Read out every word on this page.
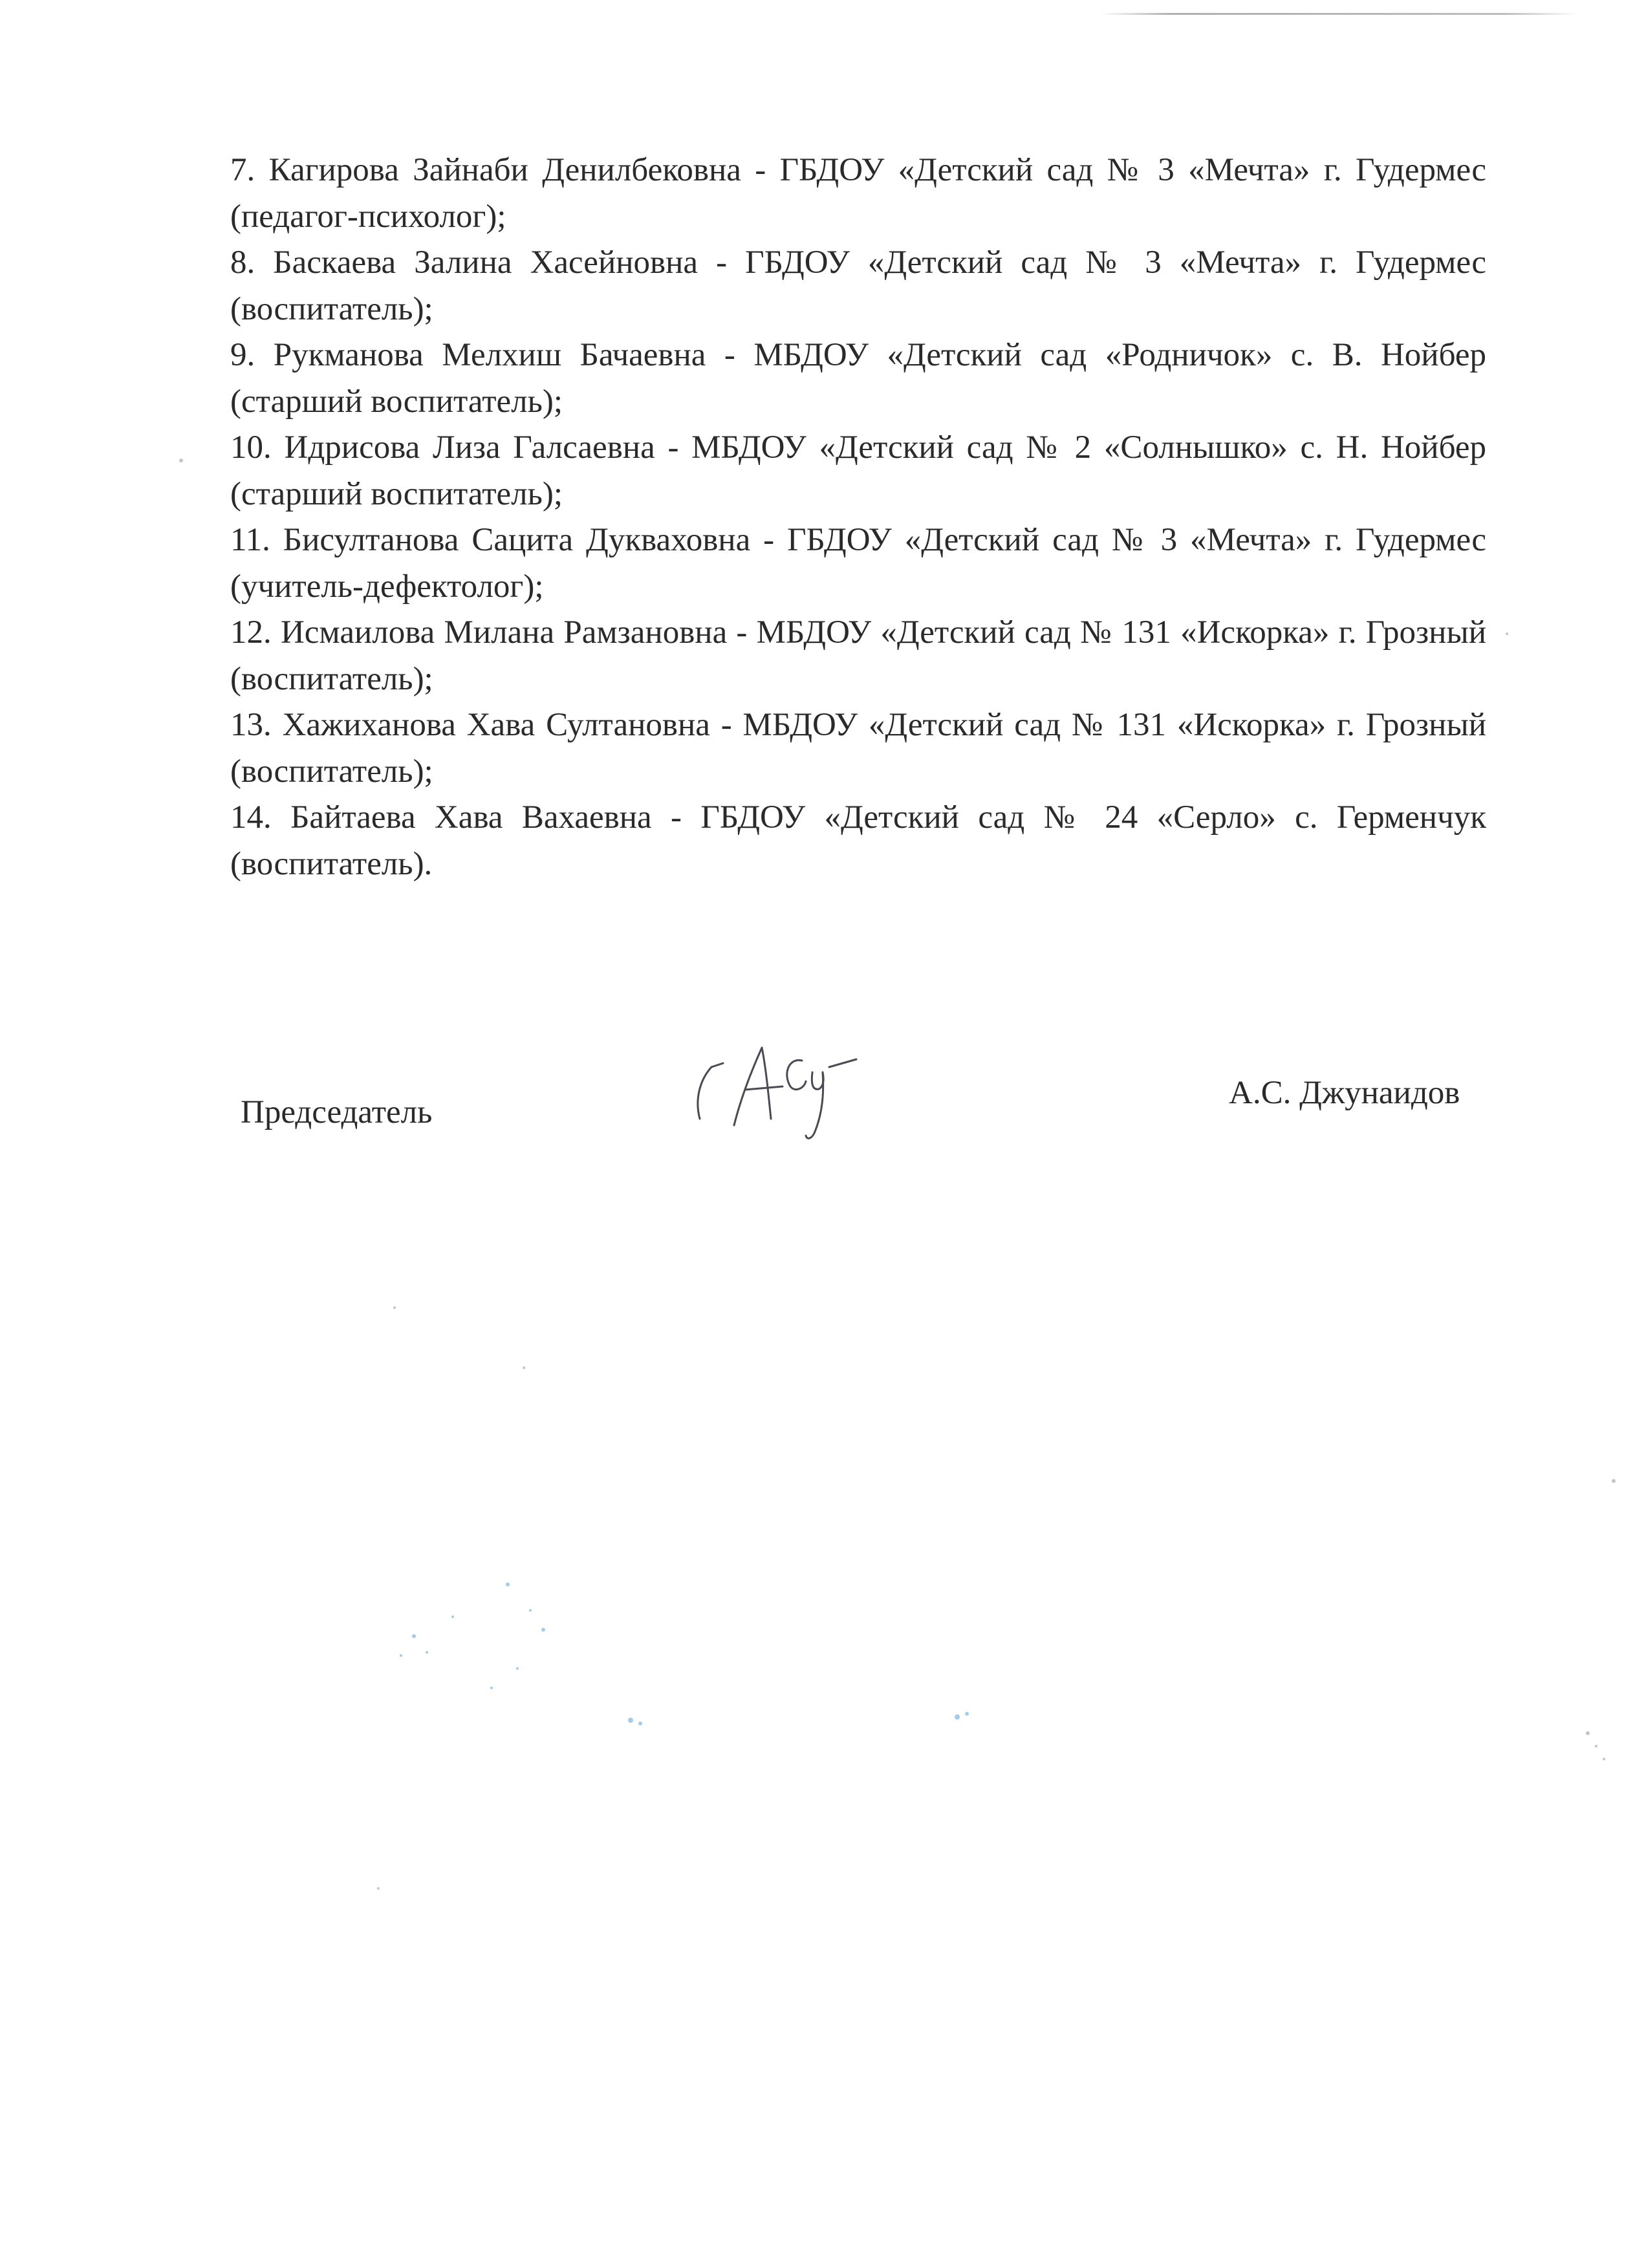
7. Кагирова Зайнаби Денилбековна - ГБДОУ «Детский сад № 3 «Мечта» г. Гудермес (педагог-психолог);
8. Баскаева Залина Хасейновна - ГБДОУ «Детский сад № 3 «Мечта» г. Гудермес (воспитатель);
9. Рукманова Мелхиш Бачаевна - МБДОУ «Детский сад «Родничок» с. В. Нойбер (старший воспитатель);
10. Идрисова Лиза Галсаевна - МБДОУ «Детский сад № 2 «Солнышко» с. Н. Нойбер (старший воспитатель);
11. Бисултанова Сацита Дукваховна - ГБДОУ «Детский сад № 3 «Мечта» г. Гудермес (учитель-дефектолог);
12. Исмаилова Милана Рамзановна - МБДОУ «Детский сад № 131 «Искорка» г. Грозный (воспитатель);
13. Хажиханова Хава Султановна - МБДОУ «Детский сад № 131 «Искорка» г. Грозный (воспитатель);
14. Байтаева Хава Вахаевна - ГБДОУ «Детский сад № 24 «Серло» с. Герменчук (воспитатель).
Председатель
А.С. Джунаидов
